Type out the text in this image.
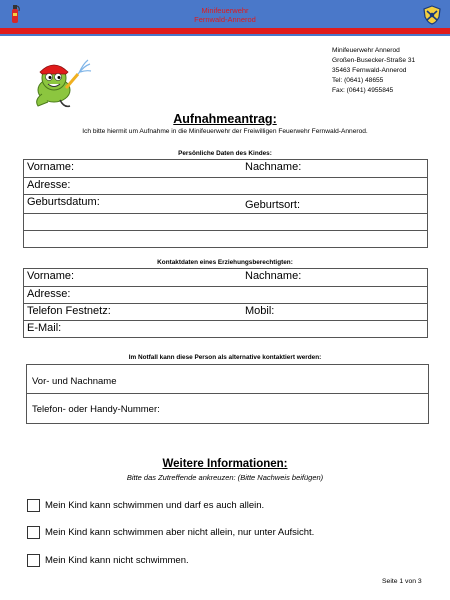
Minifeuerwehr
Fernwald-Annerod
Minifeuerwehr Annerod
Großen-Busecker-Straße 31
35463 Fernwald-Annerod
Tel: (0641) 48655
Fax: (0641) 4955845
Aufnahmeantrag:
Ich bitte hiermit um Aufnahme in die Minifeuerwehr der Freiwilligen Feuerwehr Fernwald-Annerod.
Persönliche Daten des Kindes:
Vorname:	Nachname:
Adresse:
Geburtsdatum:	Geburtsort:
Kontaktdaten eines Erziehungsberechtigten:
Vorname:	Nachname:
Adresse:
Telefon Festnetz:	Mobil:
E-Mail:
Im Notfall kann diese Person als alternative kontaktiert werden:
Vor- und Nachname
Telefon- oder Handy-Nummer:
Weitere Informationen:
Bitte das Zutreffende ankreuzen: (Bitte Nachweis beifügen)
Mein Kind kann schwimmen und darf es auch allein.
Mein Kind kann schwimmen aber nicht allein, nur unter Aufsicht.
Mein Kind kann nicht schwimmen.
Seite 1 von 3
